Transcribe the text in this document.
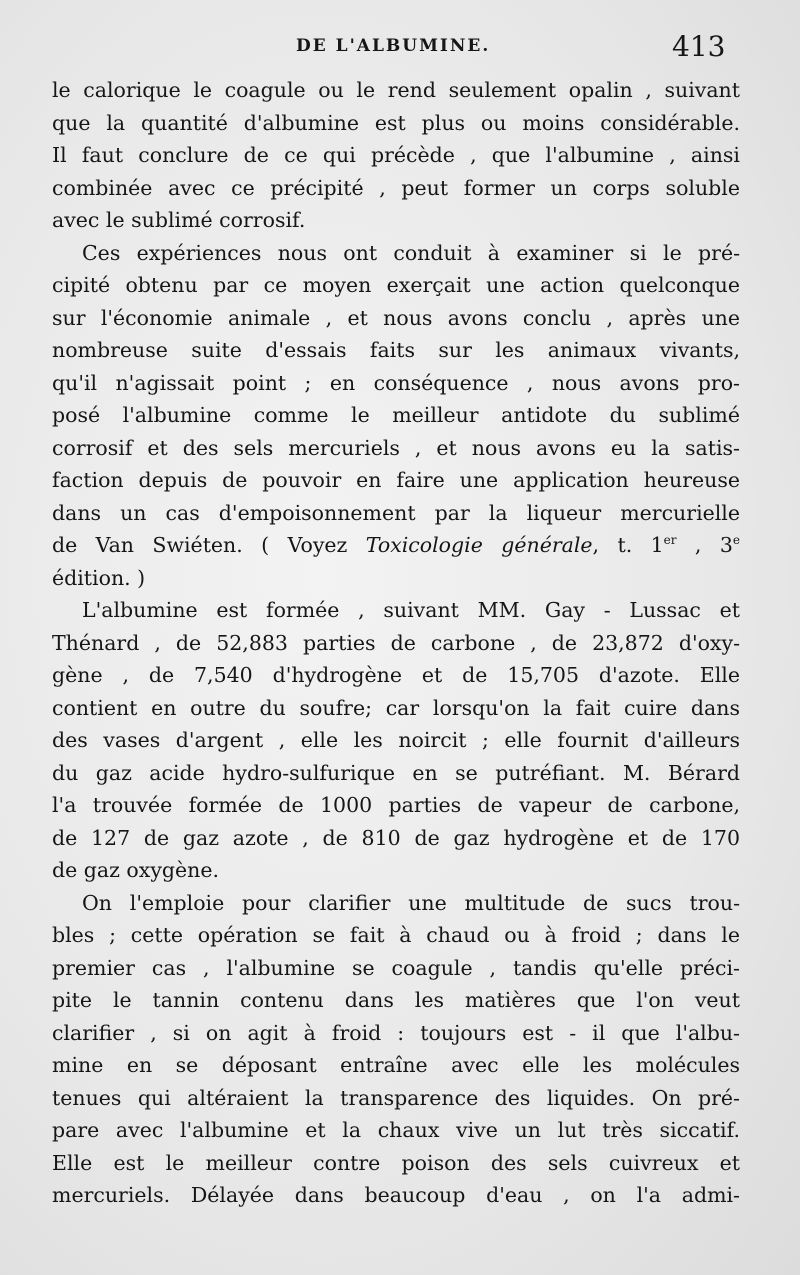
DE L'ALBUMINE.	413
le calorique le coagule ou le rend seulement opalin , suivant
que la quantité d'albumine est plus ou moins considérable.
Il faut conclure de ce qui précède , que l'albumine , ainsi
combinée avec ce précipité , peut former un corps soluble
avec le sublimé corrosif.
Ces expériences nous ont conduit à examiner si le pré-
cipité obtenu par ce moyen exerçait une action quelconque
sur l'économie animale , et nous avons conclu , après une
nombreuse suite d'essais faits sur les animaux vivants,
qu'il n'agissait point ; en conséquence , nous avons pro-
posé l'albumine comme le meilleur antidote du sublimé
corrosif et des sels mercuriels , et nous avons eu la satis-
faction depuis de pouvoir en faire une application heureuse
dans un cas d'empoisonnement par la liqueur mercurielle
de Van Swiéten. ( Voyez Toxicologie générale, t. 1er , 3e
édition. )
L'albumine est formée , suivant MM. Gay - Lussac et
Thénard , de 52,883 parties de carbone , de 23,872 d'oxy-
gène , de 7,540 d'hydrogène et de 15,705 d'azote. Elle
contient en outre du soufre; car lorsqu'on la fait cuire dans
des vases d'argent , elle les noircit ; elle fournit d'ailleurs
du gaz acide hydro-sulfurique en se putréfiant. M. Bérard
l'a trouvée formée de 1000 parties de vapeur de carbone,
de 127 de gaz azote , de 810 de gaz hydrogène et de 170
de gaz oxygène.
On l'emploie pour clarifier une multitude de sucs trou-
bles ; cette opération se fait à chaud ou à froid ; dans le
premier cas , l'albumine se coagule , tandis qu'elle préci-
pite le tannin contenu dans les matières que l'on veut
clarifier , si on agit à froid : toujours est - il que l'albu-
mine en se déposant entraîne avec elle les molécules
tenues qui altéraient la transparence des liquides. On pré-
pare avec l'albumine et la chaux vive un lut très siccatif.
Elle est le meilleur contre poison des sels cuivreux et
mercuriels. Délayée dans beaucoup d'eau , on l'a admi-
